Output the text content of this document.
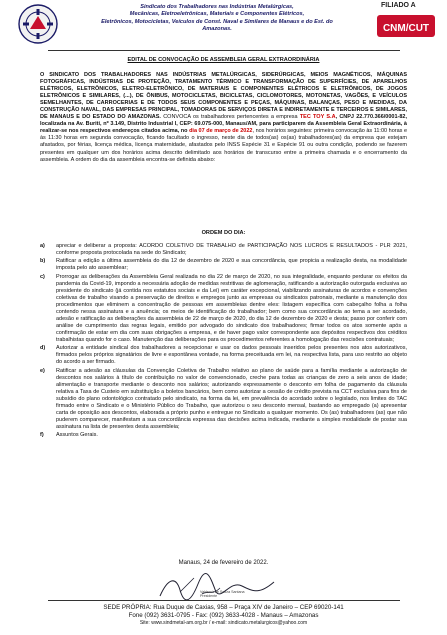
Sindicato dos Trabalhadores nas Indústrias Metalúrgicas,
Mecânicas, Eletroeletrônicas, Materiais e Componentes Elétricos,
Eletrônicos, Motocicletas, Veículos de Const. Naval e Similares de Manaus e do Est. do
Amazonas.
FILIADO A
CNM/CUT
EDITAL DE CONVOCAÇÃO DE ASSEMBLEIA GERAL EXTRAORDINÁRIA
O SINDICATO DOS TRABALHADORES NAS INDÚSTRIAS METALÚRGICAS, SIDERÚRGICAS, MEIOS MAGNÉTICOS, MÁQUINAS FOTOGRÁFICAS, INDÚSTRIAS DE PROTEÇÃO, TRATAMENTO TÉRMICO E TRANSFORMAÇÃO DE SUPERFÍCIES, DE APARELHOS ELÉTRICOS, ELETRÔNICOS, ELETRO-ELETRÔNICO, DE MATERIAIS E COMPONENTES ELÉTRICOS E ELETRÔNICOS, DE JOGOS ELETRÔNICOS E SIMILARES, (...), DE ÔNIBUS, MOTOCICLETAS, BICICLETAS, CICLOMOTORES, MOTONETAS, VAGÕES, E VEÍCULOS SEMELHANTES, DE CARROCERIAS E DE TODOS SEUS COMPONENTES E PEÇAS, MÁQUINAS, BALANÇAS, PESO E MEDIDAS, DA CONSTRUÇÃO NAVAL, DAS EMPRESAS PRINCIPAL, TOMADORAS DE SERVIÇOS DIRETA E INDIRETAMENTE E TERCEIROS E SIMILARES, DE MANAUS E DO ESTADO DO AMAZONAS. CONVOCA os trabalhadores pertencentes a empresa TEC TOY S.A, CNPJ 22.770.366/0001-82, localizada na Av. Buriti, nº 3.149, Distrito Industrial I, CEP: 69.075-000, Manaus/AM, para participarem da Assembleia Geral Extraordinária, à realizar-se nos respectivos endereços citados acima, no dia 07 de março de 2022, nos horários seguintes: primeira convocação às 11:00 horas e às 11:30 horas em segunda convocação, ficando facultado o ingresso, neste dia de todos(as) os(as) trabalhadores(as) da empresa que estejam afastados, por férias, licença médica, licença maternidade, afastados pelo INSS Espécie 31 e Espécie 91 ou outra condição, podendo se fazerem presentes em qualquer um dos horários acima descrito delimitado aos horários de transcurso entre a primeira chamada e o encerramento da assembleia. A ordem do dia da assembleia encontra-se definida abaixo:
ORDEM DO DIA:
a) apreciar e deliberar a proposta: ACORDO COLETIVO DE TRABALHO de PARTICIPAÇÃO NOS LUCROS E RESULTADOS - PLR 2021, conforme proposta protocolada na sede do Sindicato;
b) Ratificar a edição a última assembleia do dia 12 de dezembro de 2020 e sua concordância, que propicia a realização desta, na modalidade imposta pelo ato assemblear;
c) Prorrogar as deliberações da Assembleia Geral realizada no dia 22 de março de 2020, no sua integralidade, enquanto perdurar os efeitos da pandemia da Covid-19, impondo a necessária adoção de medidas restritivas de aglomeração, ratificando a autorização outorgada exclusiva ao presidente do sindicato (já contida nos estatutos sociais e da Lei) em caráter excepcional, viabilizando assinaturas de acordos e convenções coletivas de trabalho visando a preservação de direitos e empregos junto as empresas ou sindicatos patronais, mediante a manutenção dos procedimentos que eliminem a concentração de pessoas em assembleias dentre eles: listagem específica com cabeçalho folha a folha contendo nessa assinatura e a anuência; os meios de identificação do trabalhador; bem como sua concordância ao tema a ser acordado, adesão e ratificação as deliberações da assembleia de 22 de março de 2020, do dia 12 de dezembro de 2020 e desta; passo por conferir com análise de cumprimento das regras legais, emitido por advogado do sindicato dos trabalhadores; firmar todos os atos somente após a confirmação de estar em dia com suas obrigações a empresa, e de haver pago valor correspondente aos depósitos respectivos dos créditos trabalhistas quando for o caso. Manutenção das deliberações para os procedimentos referentes a homologação das rescisões contratuais;
d) Autorizar a entidade sindical dos trabalhadores a recepcionar e usar os dados pessoais inseridos pelos presentes nos atos autorizativos, firmados pelos próprios signatários de livre e espontânea vontade, na forma preceituada em lei, na respectiva lista, para uso restrito ao objeto do acordo a ser firmado.
e) Ratificar a adesão as cláusulas da Convenção Coletiva de Trabalho relativo ao plano de saúde para a família mediante a autorização de descontos nos salários à título de contribuição no valor de convencionado, creche para todas as crianças de zero a seis anos de idade; alimentação e transporte mediante o desconto nos salários; autorizando expressamente o desconto em folha de pagamento da cláusula relativa a Taxa de Custeio em substituição a boletos bancários, bem como autorizar a cessão de crédito prevista na CCT exclusiva para fins de subsídio do plano odontológico contratado pelo sindicato, na forma da lei, em prevalência do acordado sobre o legislado, nos limites do TAC firmado entre o Sindicato e o Ministério Público do Trabalho, que autorizou o seu desconto mensal, bastando ao empregado (a) apresentar carta de oposição aos descontos, elaborada a próprio punho e entregue no Sindicato a qualquer momento. Os (as) trabalhadores (as) que não puderem comparecer, manifestam a sua concordância expressa das decisões acima indicada, mediante a simples modalidade de postar sua assinatura na lista de presentes desta assembleia;
f) Assuntos Gerais.
Manaus, 24 de fevereiro de 2022.
Valdemir de Souza Santana
Presidente
SEDE PRÓPRIA: Rua Duque de Caxias, 958 – Praça XIV de Janeiro – CEP 69020-141
Fone (092) 3631-0795 - Fax: (092) 3633-4028 - Manaus – Amazonas
Site: www.sindmetal-am.org.br / e-mail: sindicato.metalurgicos@yahoo.com
